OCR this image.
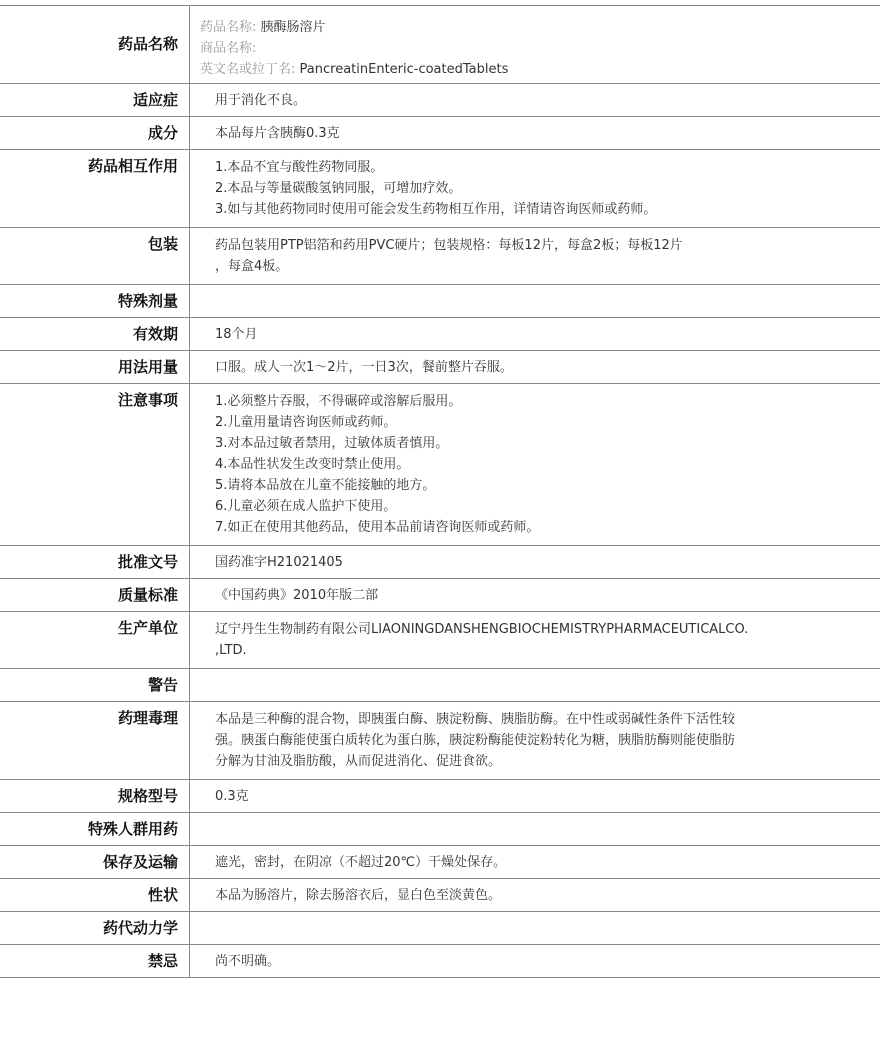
药品名称
药品名称: 胰酶肠溶片
商品名称:
英文名或拉丁名: PancreatinEnteric-coatedTablets
适应症	用于消化不良。
成分	本品每片含胰酶0.3克
药品相互作用	1.本品不宜与酸性药物同服。
2.本品与等量碳酸氢钠同服，可增加疗效。
3.如与其他药物同时使用可能会发生药物相互作用，详情请咨询医师或药师。
包装	药品包装用PTP铝箔和药用PVC硬片；包装规格：每板12片，每盒2板；每板12片
，每盒4板。
特殊剂量
有效期	18个月
用法用量	口服。成人一次1～2片，一日3次，餐前整片吞服。
注意事项	1.必须整片吞服，不得碾碎或溶解后服用。
2.儿童用量请咨询医师或药师。
3.对本品过敏者禁用，过敏体质者慎用。
4.本品性状发生改变时禁止使用。
5.请将本品放在儿童不能接触的地方。
6.儿童必须在成人监护下使用。
7.如正在使用其他药品，使用本品前请咨询医师或药师。
批准文号	国药准字H21021405
质量标准	《中国药典》2010年版二部
生产单位	辽宁丹生生物制药有限公司LIAONINGDANSHENGBIOCHEMISTRYPHARMACEUTICALCO.
,LTD.
警告
药理毒理	本品是三种酶的混合物，即胰蛋白酶、胰淀粉酶、胰脂肪酶。在中性或弱碱性条件下活性较
强。胰蛋白酶能使蛋白质转化为蛋白胨，胰淀粉酶能使淀粉转化为糖，胰脂肪酶则能使脂肪
分解为甘油及脂肪酸，从而促进消化、促进食欲。
规格型号	0.3克
特殊人群用药
保存及运输	遮光，密封，在阴凉（不超过20℃）干燥处保存。
性状	本品为肠溶片，除去肠溶衣后，显白色至淡黄色。
药代动力学
禁忌	尚不明确。
